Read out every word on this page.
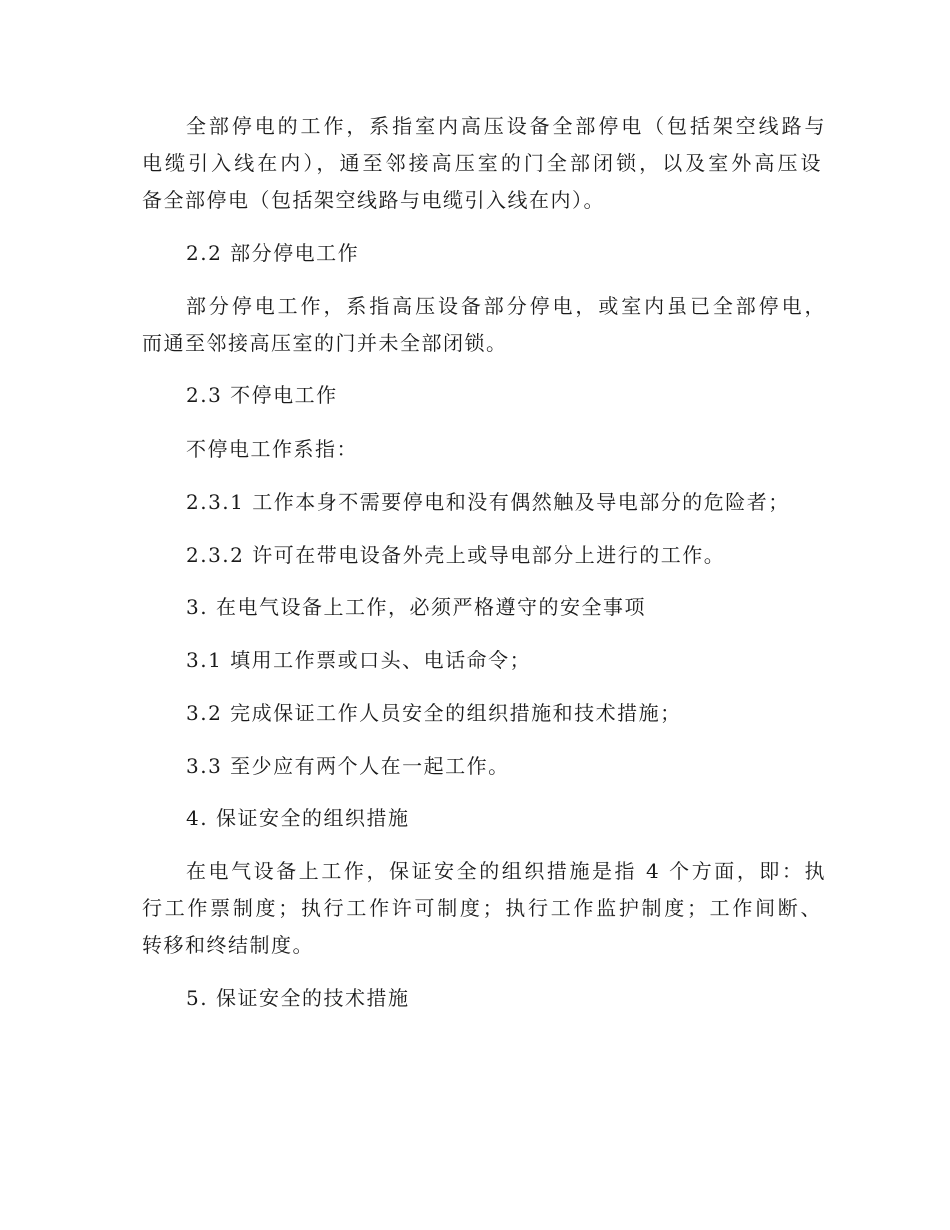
全部停电的工作，系指室内高压设备全部停电（包括架空线路与
电缆引入线在内），通至邻接高压室的门全部闭锁，以及室外高压设
备全部停电（包括架空线路与电缆引入线在内）。
2.2 部分停电工作
部分停电工作，系指高压设备部分停电，或室内虽已全部停电，
而通至邻接高压室的门并未全部闭锁。
2.3 不停电工作
不停电工作系指：
2.3.1 工作本身不需要停电和没有偶然触及导电部分的危险者；
2.3.2 许可在带电设备外壳上或导电部分上进行的工作。
3. 在电气设备上工作，必须严格遵守的安全事项
3.1 填用工作票或口头、电话命令；
3.2 完成保证工作人员安全的组织措施和技术措施；
3.3 至少应有两个人在一起工作。
4. 保证安全的组织措施
在电气设备上工作，保证安全的组织措施是指 4 个方面，即：执
行工作票制度；执行工作许可制度；执行工作监护制度；工作间断、
转移和终结制度。
5. 保证安全的技术措施
